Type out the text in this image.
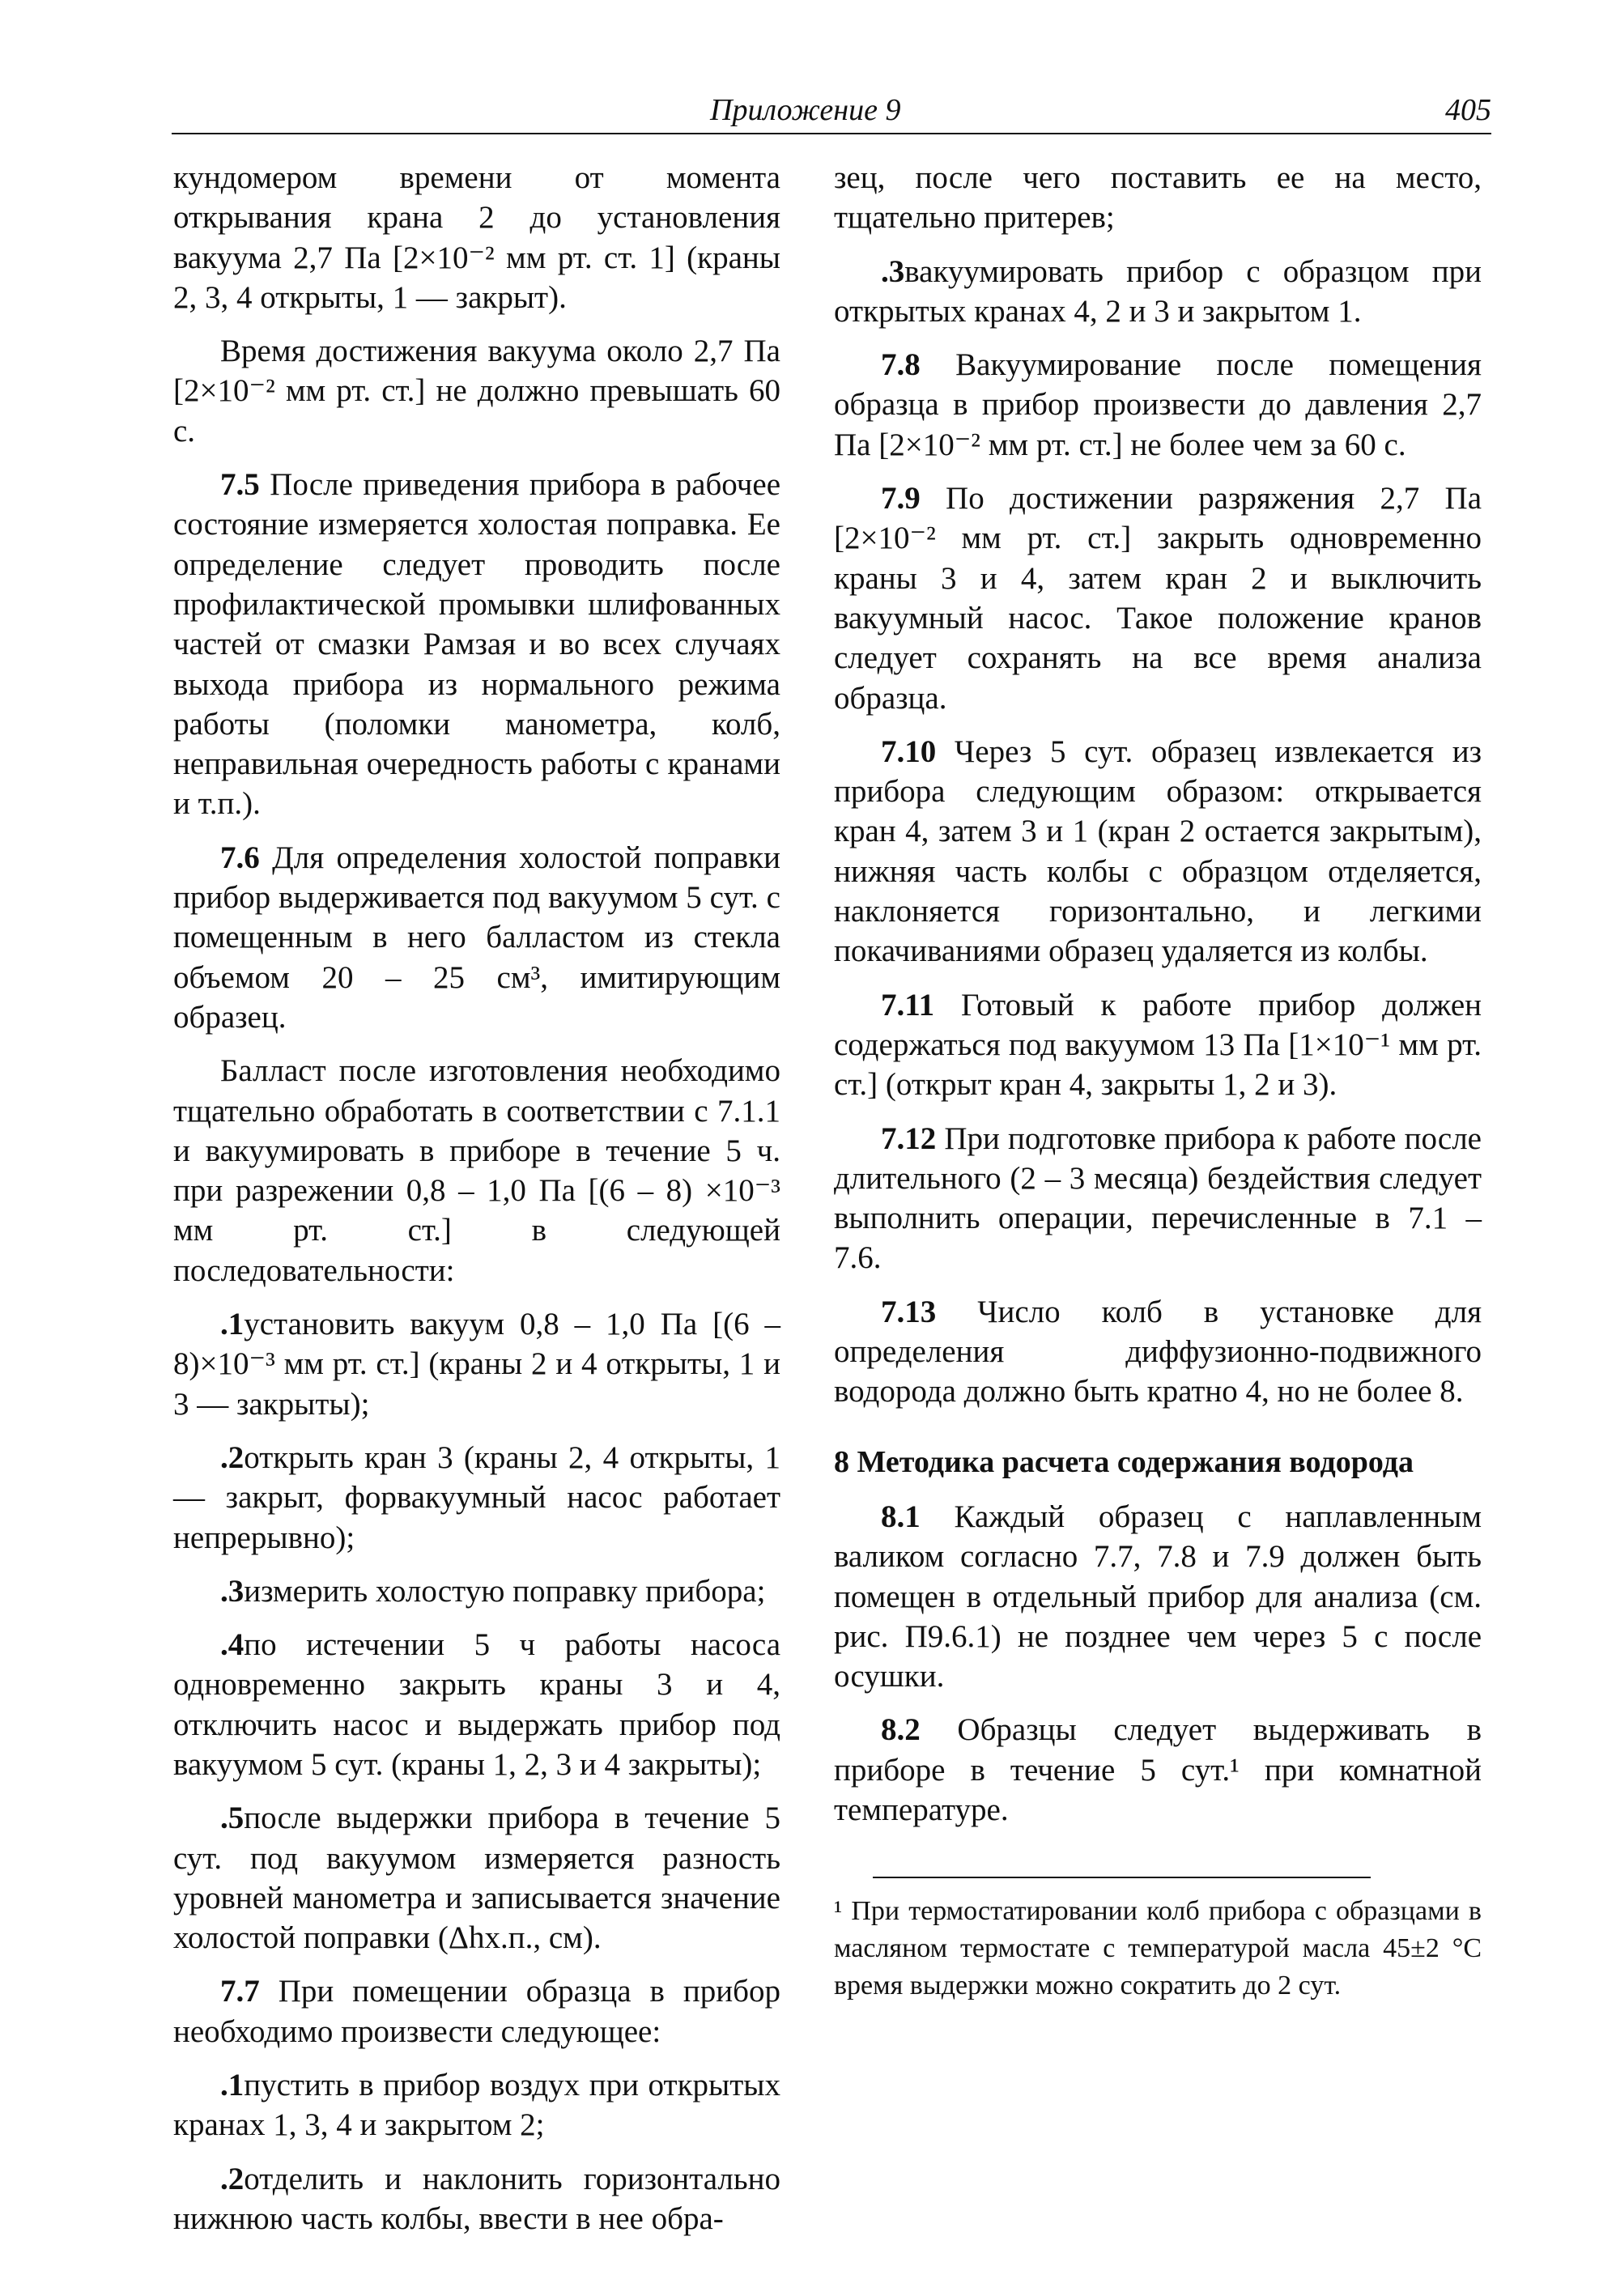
Приложение 9	405

кундомером времени от момента открывания крана 2 до установления вакуума 2,7 Па [2×10⁻² мм рт. ст. 1] (краны 2, 3, 4 открыты, 1 — закрыт).

Время достижения вакуума около 2,7 Па [2×10⁻² мм рт. ст.] не должно превышать 60 с.

7.5 После приведения прибора в рабочее состояние измеряется холостая поправка. Ее определение следует проводить после профилактической промывки шлифованных частей от смазки Рамзая и во всех случаях выхода прибора из нормального режима работы (поломки манометра, колб, неправильная очередность работы с кранами и т.п.).

7.6 Для определения холостой поправки прибор выдерживается под вакуумом 5 сут. с помещенным в него балластом из стекла объемом 20 – 25 см³, имитирующим образец.

Балласт после изготовления необходимо тщательно обработать в соответствии с 7.1.1 и вакуумировать в приборе в течение 5 ч. при разрежении 0,8 – 1,0 Па [(6 – 8) ×10⁻³ мм рт. ст.] в следующей последовательности:

.1установить вакуум 0,8 – 1,0 Па [(6 – 8)×10⁻³ мм рт. ст.] (краны 2 и 4 открыты, 1 и 3 — закрыты);

.2открыть кран 3 (краны 2, 4 открыты, 1 — закрыт, форвакуумный насос работает непрерывно);

.3измерить холостую поправку прибора;

.4по истечении 5 ч работы насоса одновременно закрыть краны 3 и 4, отключить насос и выдержать прибор под вакуумом 5 сут. (краны 1, 2, 3 и 4 закрыты);

.5после выдержки прибора в течение 5 сут. под вакуумом измеряется разность уровней манометра и записывается значение холостой поправки (Δhх.п., см).

7.7 При помещении образца в прибор необходимо произвести следующее:

.1пустить в прибор воздух при открытых кранах 1, 3, 4 и закрытом 2;

.2отделить и наклонить горизонтально нижнюю часть колбы, ввести в нее обра-

зец, после чего поставить ее на место, тщательно притерев;

.3вакуумировать прибор с образцом при открытых кранах 4, 2 и 3 и закрытом 1.

7.8 Вакуумирование после помещения образца в прибор произвести до давления 2,7 Па [2×10⁻² мм рт. ст.] не более чем за 60 с.

7.9 По достижении разряжения 2,7 Па [2×10⁻² мм рт. ст.] закрыть одновременно краны 3 и 4, затем кран 2 и выключить вакуумный насос. Такое положение кранов следует сохранять на все время анализа образца.

7.10 Через 5 сут. образец извлекается из прибора следующим образом: открывается кран 4, затем 3 и 1 (кран 2 остается закрытым), нижняя часть колбы с образцом отделяется, наклоняется горизонтально, и легкими покачиваниями образец удаляется из колбы.

7.11 Готовый к работе прибор должен содержаться под вакуумом 13 Па [1×10⁻¹ мм рт. ст.] (открыт кран 4, закрыты 1, 2 и 3).

7.12 При подготовке прибора к работе после длительного (2 – 3 месяца) бездействия следует выполнить операции, перечисленные в 7.1 – 7.6.

7.13 Число колб в установке для определения диффузионно-подвижного водорода должно быть кратно 4, но не более 8.

8 Методика расчета содержания водорода

8.1 Каждый образец с наплавленным валиком согласно 7.7, 7.8 и 7.9 должен быть помещен в отдельный прибор для анализа (см. рис. П9.6.1) не позднее чем через 5 с после осушки.

8.2 Образцы следует выдерживать в приборе в течение 5 сут.¹ при комнатной температуре.

¹ При термостатировании колб прибора с образцами в масляном термостате с температурой масла 45±2 °С время выдержки можно сократить до 2 сут.
